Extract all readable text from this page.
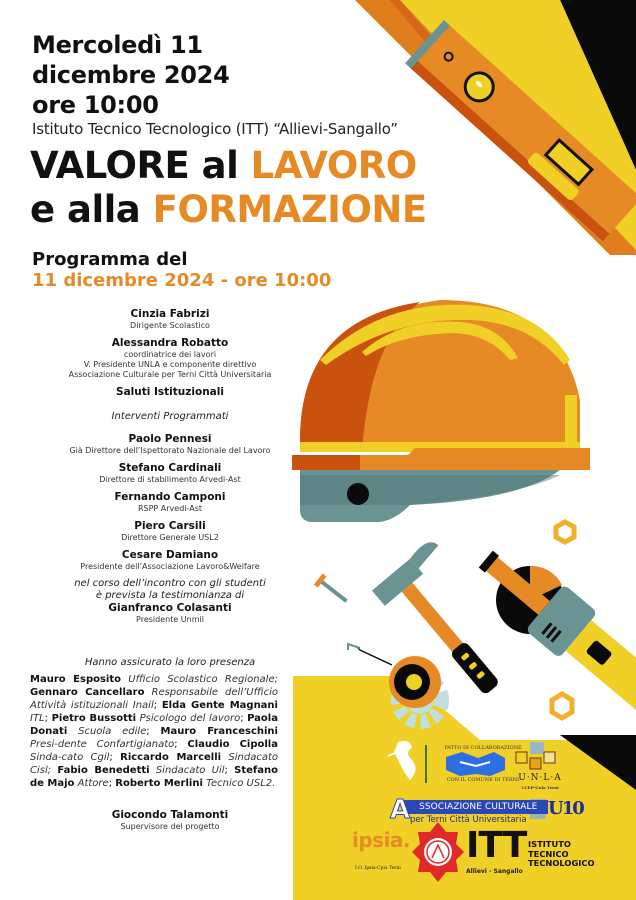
Mercoledì 11
dicembre 2024
ore 10:00
Istituto Tecnico Tecnologico (ITT) “Allievi-Sangallo”
VALORE al LAVORO
e alla FORMAZIONE
Programma del
11 dicembre 2024 - ore 10:00
Cinzia Fabrizi
Dirigente Scolastico
Alessandra Robatto
coordinatrice dei lavori
V. Presidente UNLA e componente direttivo
Associazione Culturale per Terni Città Universitaria
Saluti Istituzionali
Interventi Programmati
Paolo Pennesi
Già Direttore dell’Ispettorato Nazionale del Lavoro
Stefano Cardinali
Direttore di stabilimento Arvedi-Ast
Fernando Camponi
RSPP Arvedi-Ast
Piero Carsili
Direttore Generale USL2
Cesare Damiano
Presidente dell’Associazione Lavoro&Welfare
nel corso dell’incontro con gli studenti
è prevista la testimonianza di
Gianfranco Colasanti
Presidente Unmil
Hanno assicurato la loro presenza
Mauro Esposito Ufficio Scolastico Regionale; Gennaro Cancellaro Responsabile dell’Ufficio Attività istituzionali Inail; Elda Gente Magnani ITL; Pietro Bussotti Psicologo del lavoro; Paola Donati Scuola edile; Mauro Franceschini Presi-dente Confartigianato; Claudio Cipolla Sinda-cato Cgil; Riccardo Marcelli Sindacato Cisl; Fabio Benedetti Sindacato Uil; Stefano de Majo Attore; Roberto Merlini Tecnico USL2.
Giocondo Talamonti
Supervisore del progetto
PATTO DI COLLABORAZIONE
CON IL COMUNE DI TERNI U·N·L·A
CCEP-Unla Terni
SSOCIAZIONE CULTURALE
A per Terni Città Universitaria
U10
ipsia.
I.O. Ipsia-Cpia Terni
ITT
Allievi - Sangallo
ISTITUTO
TECNICO
TECNOLOGICO
